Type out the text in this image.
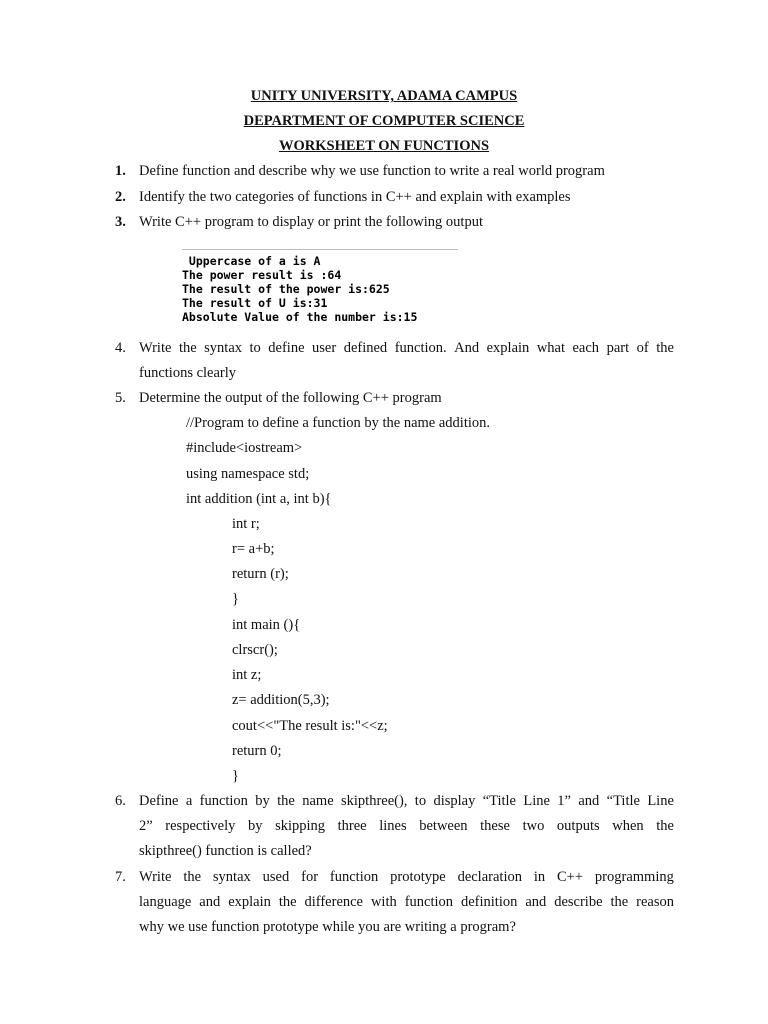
UNITY UNIVERSITY, ADAMA CAMPUS
DEPARTMENT OF COMPUTER SCIENCE
WORKSHEET ON FUNCTIONS
1. Define function and describe why we use function to write a real world program
2. Identify the two categories of functions in C++ and explain with examples
3. Write C++ program to display or print the following output
Uppercase of a is A
The power result is :64
The result of the power is:625
The result of U is:31
Absolute Value of the number is:15
4. Write the syntax to define user defined function. And explain what each part of the
functions clearly
5. Determine the output of the following C++ program
//Program to define a function by the name addition.
#include<iostream>
using namespace std;
int addition (int a, int b){
int r;
r= a+b;
return (r);
}
int main (){
clrscr();
int z;
z= addition(5,3);
cout<<"The result is:"<<z;
return 0;
}
6. Define a function by the name skipthree(), to display “Title Line 1” and “Title Line
2” respectively by skipping three lines between these two outputs when the
skipthree() function is called?
7. Write the syntax used for function prototype declaration in C++ programming
language and explain the difference with function definition and describe the reason
why we use function prototype while you are writing a program?
